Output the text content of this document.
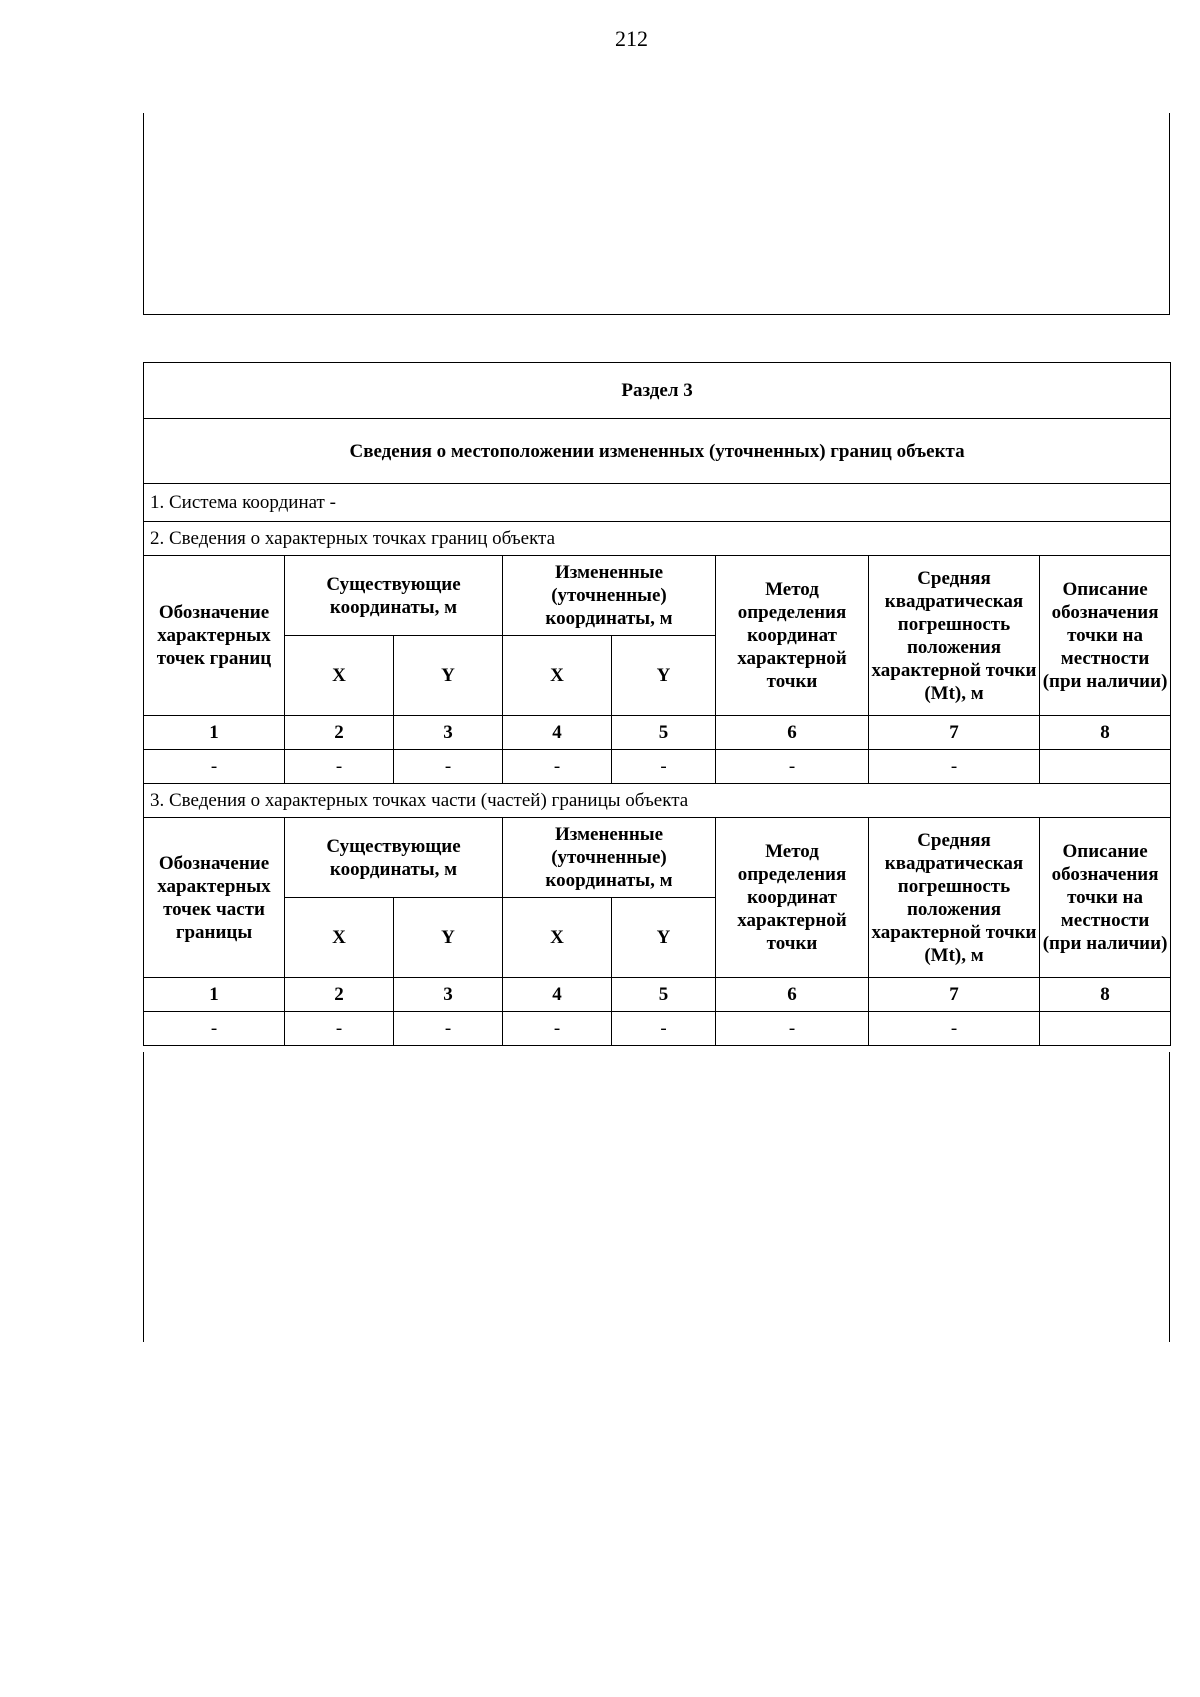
212
Раздел 3							
Сведения о местоположении измененных (уточненных) границ объекта							
1. Система координат -							
2. Сведения о характерных точках границ объекта							
Обозначение характерных точек границ	Существующие координаты, м		Измененные (уточненные) координаты, м		Метод определения координат характерной точки	Средняя квадратическая погрешность положения характерной точки (Mt), м	Описание обозначения точки на местности (при наличии)
	X	Y	X	Y			
1	2	3	4	5	6	7	8
-	-	-	-	-	-	-	
3. Сведения о характерных точках части (частей) границы объекта							
Обозначение характерных точек части границы	Существующие координаты, м		Измененные (уточненные) координаты, м		Метод определения координат характерной точки	Средняя квадратическая погрешность положения характерной точки (Mt), м	Описание обозначения точки на местности (при наличии)
	X	Y	X	Y			
1	2	3	4	5	6	7	8
-	-	-	-	-	-	-	
